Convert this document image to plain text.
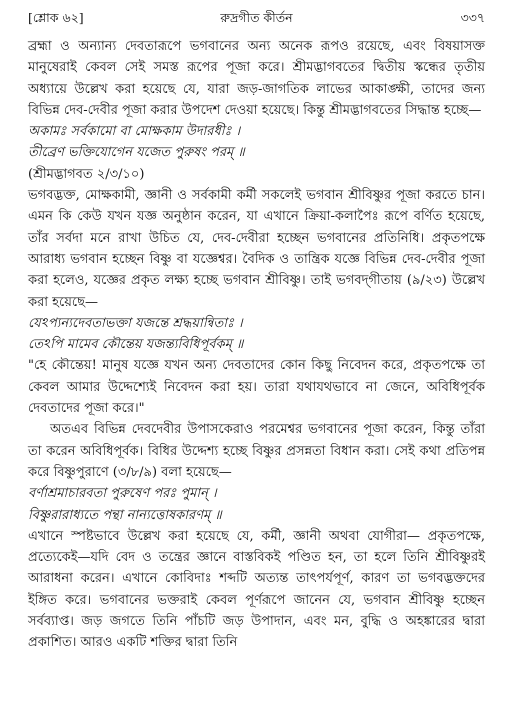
[শ্লোক ৬২]	রুদ্রগীত কীর্তন	৩৩৭

ব্রহ্মা ও অন্যান্য দেবতারূপে ভগবানের অন্য অনেক রূপও রয়েছে, এবং বিষয়াসক্ত মানুষেরাই কেবল সেই সমস্ত রূপের পূজা করে। শ্রীমদ্ভাগবতের দ্বিতীয় স্কন্ধের তৃতীয় অধ্যায়ে উল্লেখ করা হয়েছে যে, যারা জড়-জাগতিক লাভের আকাঙ্ক্ষী, তাদের জন্য বিভিন্ন দেব-দেবীর পূজা করার উপদেশ দেওয়া হয়েছে। কিন্তু শ্রীমদ্ভাগবতের সিদ্ধান্ত হচ্ছে—

অকামঃ সর্বকামো বা মোক্ষকাম উদারধীঃ ।

তীব্রেণ ভক্তিযোগেন যজেত পুরুষং পরম্ ॥

(শ্রীমদ্ভাগবত ২/৩/১০)

ভগবদ্ভক্ত, মোক্ষকামী, জ্ঞানী ও সর্বকামী কর্মী সকলেই ভগবান শ্রীবিষ্ণুর পূজা করতে চান। এমন কি কেউ যখন যজ্ঞ অনুষ্ঠান করেন, যা এখানে ক্রিয়া-কলাপৈঃ রূপে বর্ণিত হয়েছে, তাঁর সর্বদা মনে রাখা উচিত যে, দেব-দেবীরা হচ্ছেন ভগবানের প্রতিনিধি। প্রকৃতপক্ষে আরাধ্য ভগবান হচ্ছেন বিষ্ণু বা যজ্ঞেশ্বর। বৈদিক ও তান্ত্রিক যজ্ঞে বিভিন্ন দেব-দেবীর পূজা করা হলেও, যজ্ঞের প্রকৃত লক্ষ্য হচ্ছে ভগবান শ্রীবিষ্ণু। তাই ভগবদ্‌গীতায় (৯/২৩) উল্লেখ করা হয়েছে—

যেঽপ্যন্যদেবতাভক্তা যজন্তে শ্রদ্ধয়ান্বিতাঃ ।

তেঽপি মামেব কৌন্তেয় যজন্ত্যবিধিপূর্বকম্ ॥

"হে কৌন্তেয়! মানুষ যজ্ঞে যখন অন্য দেবতাদের কোন কিছু নিবেদন করে, প্রকৃতপক্ষে তা কেবল আমার উদ্দেশ্যেই নিবেদন করা হয়। তারা যথাযথভাবে না জেনে, অবিধিপূর্বক দেবতাদের পূজা করে।"

অতএব বিভিন্ন দেবদেবীর উপাসকেরাও পরমেশ্বর ভগবানের পূজা করেন, কিন্তু তাঁরা তা করেন অবিধিপূর্বক। বিধির উদ্দেশ্য হচ্ছে বিষ্ণুর প্রসন্নতা বিধান করা। সেই কথা প্রতিপন্ন করে বিষ্ণুপুরাণে (৩/৮/৯) বলা হয়েছে—

বর্ণাশ্রমাচারবতা পুরুষেণ পরঃ পুমান্ ।

বিষ্ণুরারাধ্যতে পন্থা নান্যত্তোষকারণম্ ॥

এখানে স্পষ্টভাবে উল্লেখ করা হয়েছে যে, কর্মী, জ্ঞানী অথবা যোগীরা— প্রকৃতপক্ষে, প্রত্যেকেই—যদি বেদ ও তন্ত্রের জ্ঞানে বাস্তবিকই পণ্ডিত হন, তা হলে তিনি শ্রীবিষ্ণুরই আরাধনা করেন। এখানে কোবিদাঃ শব্দটি অত্যন্ত তাৎপর্যপূর্ণ, কারণ তা ভগবদ্ভক্তদের ইঙ্গিত করে। ভগবানের ভক্তরাই কেবল পূর্ণরূপে জানেন যে, ভগবান শ্রীবিষ্ণু হচ্ছেন সর্বব্যাপ্ত। জড় জগতে তিনি পাঁচটি জড় উপাদান, এবং মন, বুদ্ধি ও অহঙ্কারের দ্বারা প্রকাশিত। আরও একটি শক্তির দ্বারা তিনি
